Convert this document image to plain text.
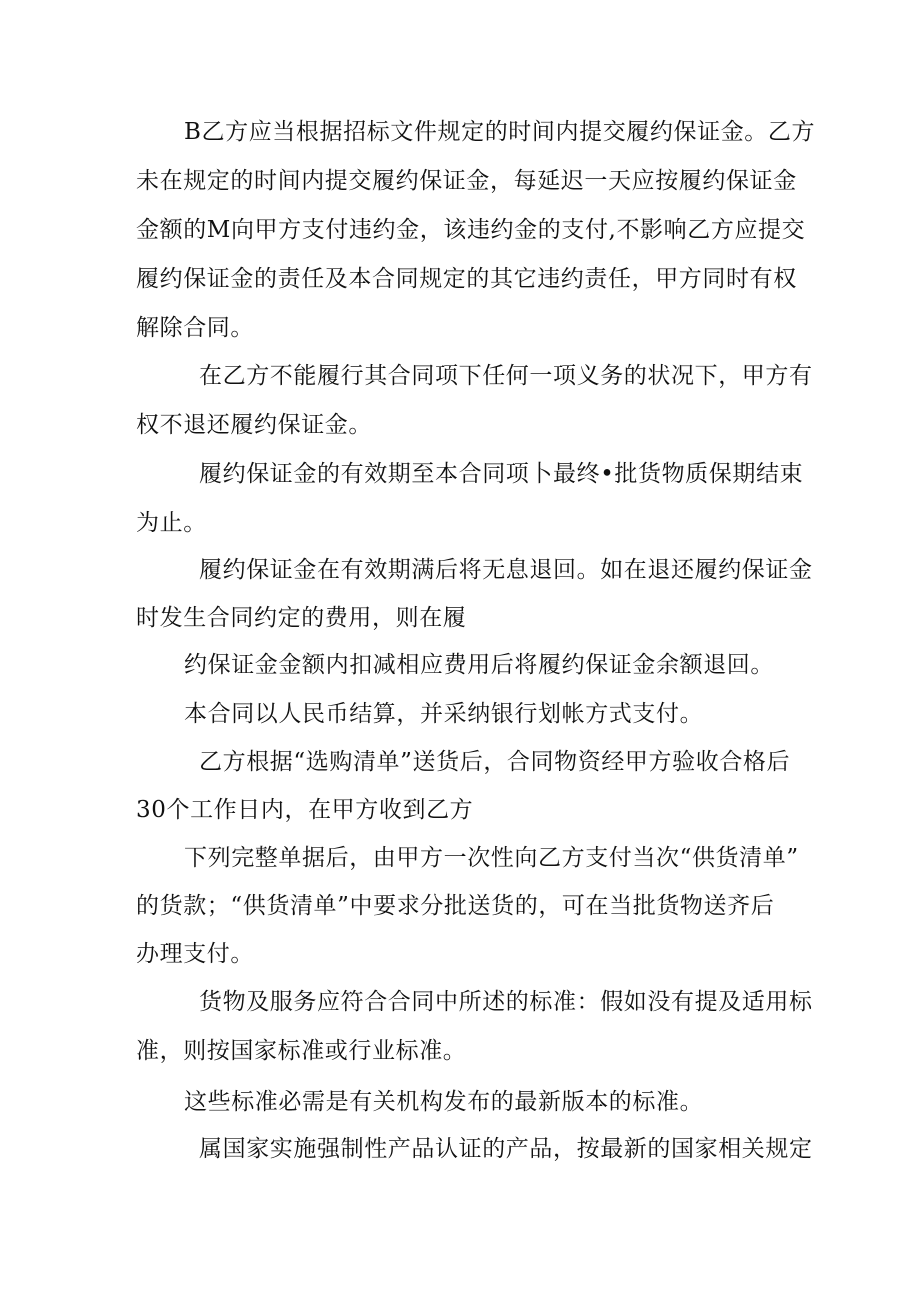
B乙方应当根据招标文件规定的时间内提交履约保证金。乙方
未在规定的时间内提交履约保证金，每延迟一天应按履约保证金
金额的M向甲方支付违约金，该违约金的支付,不影响乙方应提交
履约保证金的责任及本合同规定的其它违约责任，甲方同时有权
解除合同。
在乙方不能履行其合同项下任何一项义务的状况下，甲方有
权不退还履约保证金。
履约保证金的有效期至本合同项卜最终•批货物质保期结束
为止。
履约保证金在有效期满后将无息退回。如在退还履约保证金
时发生合同约定的费用，则在履
约保证金金额内扣减相应费用后将履约保证金余额退回。
本合同以人民币结算，并采纳银行划帐方式支付。
乙方根据“选购清单”送货后，合同物资经甲方验收合格后
30个工作日内，在甲方收到乙方
下列完整单据后，由甲方一次性向乙方支付当次“供货清单”
的货款；“供货清单”中要求分批送货的，可在当批货物送齐后
办理支付。
货物及服务应符合合同中所述的标准：假如没有提及适用标
准，则按国家标准或行业标准。
这些标准必需是有关机构发布的最新版本的标准。
属国家实施强制性产品认证的产品，按最新的国家相关规定
